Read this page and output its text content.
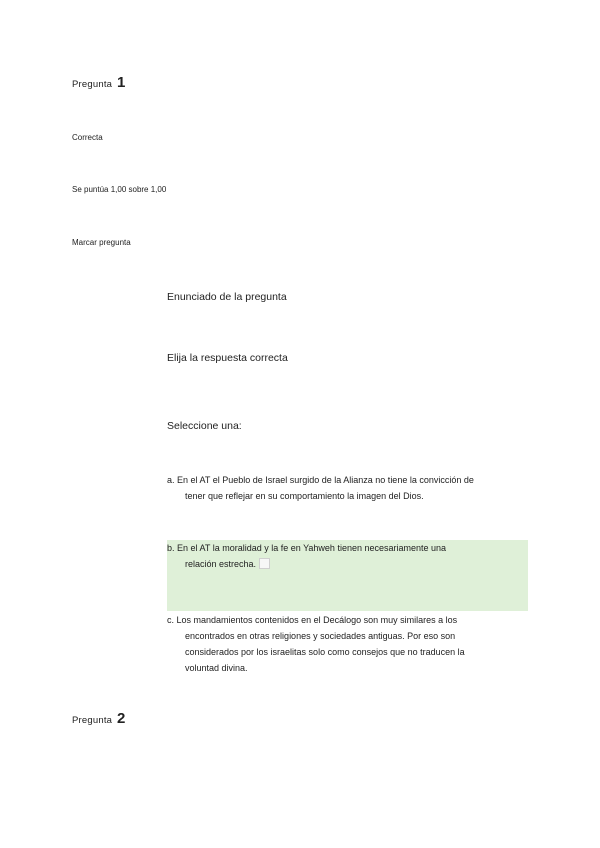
Pregunta 1
Correcta
Se puntúa 1,00 sobre 1,00
Marcar pregunta
Enunciado de la pregunta
Elija la respuesta correcta
Seleccione una:
a. En el AT el Pueblo de Israel surgido de la Alianza no tiene la convicción de
tener que reflejar en su comportamiento la imagen del Dios.
b. En el AT la moralidad y la fe en Yahweh tienen necesariamente una
relación estrecha.
c. Los mandamientos contenidos en el Decálogo son muy similares a los
encontrados en otras religiones y sociedades antiguas. Por eso son
considerados por los israelitas solo como consejos que no traducen la
voluntad divina.
Pregunta 2
